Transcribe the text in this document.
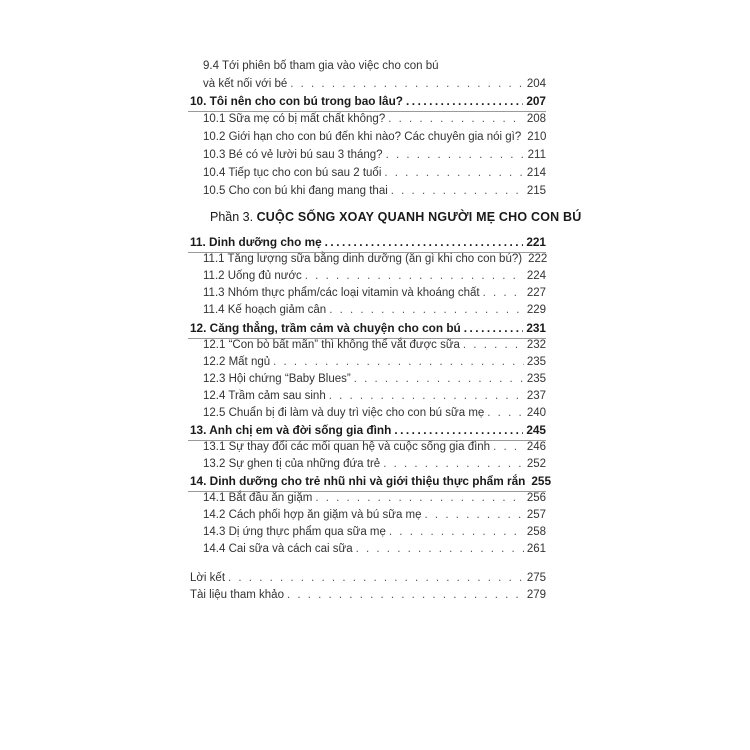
9.4 Tới phiên bố tham gia vào việc cho con bú
và kết nối với bé . . .	204
10. Tôi nên cho con bú trong bao lâu? .....	207
10.1 Sữa mẹ có bị mất chất không? . . .	208
10.2 Giới hạn cho con bú đến khi nào? Các chuyên gia nói gì? 210
10.3 Bé có vẻ lười bú sau 3 tháng? . . .	211
10.4 Tiếp tục cho con bú sau 2 tuổi . . .	214
10.5 Cho con bú khi đang mang thai . . .	215
Phần 3. CUỘC SỐNG XOAY QUANH NGƯỜI MẸ CHO CON BÚ
11. Dinh dưỡng cho mẹ .....	221
11.1 Tăng lượng sữa bằng dinh dưỡng (ăn gì khi cho con bú?) 222
11.2 Uống đủ nước . . .	224
11.3 Nhóm thực phẩm/các loại vitamin và khoáng chất . . .	227
11.4 Kế hoạch giảm cân . . .	229
12. Căng thẳng, trầm cảm và chuyện cho con bú .....	231
12.1 “Con bò bất mãn” thì không thể vắt được sữa . . .	232
12.2 Mất ngủ . . .	235
12.3 Hội chứng “Baby Blues” . . .	235
12.4 Trầm cảm sau sinh . . .	237
12.5 Chuẩn bị đi làm và duy trì việc cho con bú sữa mẹ . . .	240
13. Anh chị em và đời sống gia đình .....	245
13.1 Sự thay đổi các mối quan hệ và cuộc sống gia đình . . .	246
13.2 Sự ghen tị của những đứa trẻ . . .	252
14. Dinh dưỡng cho trẻ nhũ nhi và giới thiệu thực phẩm rắn 255
14.1 Bắt đầu ăn giặm . . .	256
14.2 Cách phối hợp ăn giặm và bú sữa mẹ . . .	257
14.3 Dị ứng thực phẩm qua sữa mẹ . . .	258
14.4 Cai sữa và cách cai sữa . . .	261
Lời kết . . .	275
Tài liệu tham khảo . . .	279
